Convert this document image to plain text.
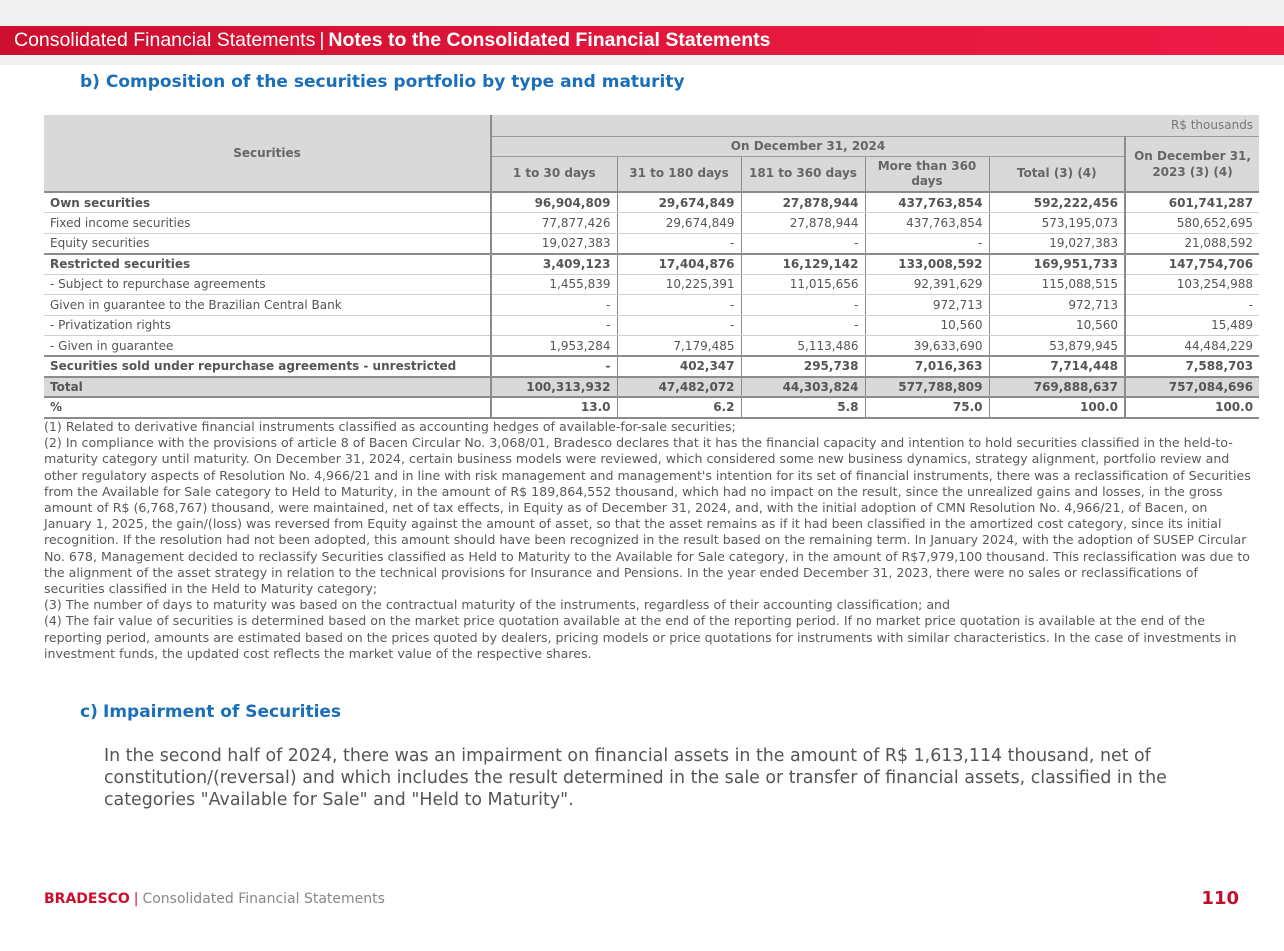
Consolidated Financial Statements | Notes to the Consolidated Financial Statements
b) Composition of the securities portfolio by type and maturity
Securities	R$ thousands					
	On December 31, 2024					On December 31, 2023 (3) (4)
	1 to 30 days	31 to 180 days	181 to 360 days	More than 360 days	Total (3) (4)	
Own securities	96,904,809	29,674,849	27,878,944	437,763,854	592,222,456	601,741,287
Fixed income securities	77,877,426	29,674,849	27,878,944	437,763,854	573,195,073	580,652,695
Equity securities	19,027,383	-	-	-	19,027,383	21,088,592
Restricted securities	3,409,123	17,404,876	16,129,142	133,008,592	169,951,733	147,754,706
- Subject to repurchase agreements	1,455,839	10,225,391	11,015,656	92,391,629	115,088,515	103,254,988
Given in guarantee to the Brazilian Central Bank	-	-	-	972,713	972,713	-
- Privatization rights	-	-	-	10,560	10,560	15,489
- Given in guarantee	1,953,284	7,179,485	5,113,486	39,633,690	53,879,945	44,484,229
Securities sold under repurchase agreements - unrestricted	-	402,347	295,738	7,016,363	7,714,448	7,588,703
Total	100,313,932	47,482,072	44,303,824	577,788,809	769,888,637	757,084,696
%	13.0	6.2	5.8	75.0	100.0	100.0

(1) Related to derivative financial instruments classified as accounting hedges of available-for-sale securities;

(2) In compliance with the provisions of article 8 of Bacen Circular No. 3,068/01, Bradesco declares that it has the financial capacity and intention to hold securities classified in the held-to-maturity category until maturity. On December 31, 2024, certain business models were reviewed, which considered some new business dynamics, strategy alignment, portfolio review and other regulatory aspects of Resolution No. 4,966/21 and in line with risk management and management's intention for its set of financial instruments, there was a reclassification of Securities from the Available for Sale category to Held to Maturity, in the amount of R$ 189,864,552 thousand, which had no impact on the result, since the unrealized gains and losses, in the gross amount of R$ (6,768,767) thousand, were maintained, net of tax effects, in Equity as of December 31, 2024, and, with the initial adoption of CMN Resolution No. 4,966/21, of Bacen, on January 1, 2025, the gain/(loss) was reversed from Equity against the amount of asset, so that the asset remains as if it had been classified in the amortized cost category, since its initial recognition. If the resolution had not been adopted, this amount should have been recognized in the result based on the remaining term. In January 2024, with the adoption of SUSEP Circular No. 678, Management decided to reclassify Securities classified as Held to Maturity to the Available for Sale category, in the amount of R$7,979,100 thousand. This reclassification was due to the alignment of the asset strategy in relation to the technical provisions for Insurance and Pensions. In the year ended December 31, 2023, there were no sales or reclassifications of securities classified in the Held to Maturity category;

(3) The number of days to maturity was based on the contractual maturity of the instruments, regardless of their accounting classification; and

(4) The fair value of securities is determined based on the market price quotation available at the end of the reporting period. If no market price quotation is available at the end of the reporting period, amounts are estimated based on the prices quoted by dealers, pricing models or price quotations for instruments with similar characteristics. In the case of investments in investment funds, the updated cost reflects the market value of the respective shares.

c) Impairment of Securities
In the second half of 2024, there was an impairment on financial assets in the amount of R$ 1,613,114 thousand, net of constitution/(reversal) and which includes the result determined in the sale or transfer of financial assets, classified in the categories "Available for Sale" and "Held to Maturity".
BRADESCO | Consolidated Financial Statements	110
